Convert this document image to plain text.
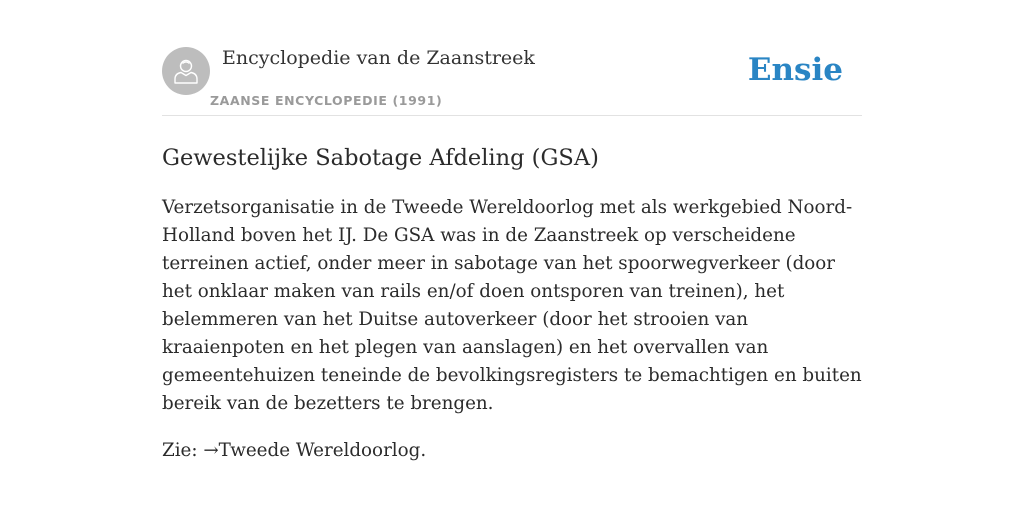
Encyclopedie van de Zaanstreek
ZAANSE ENCYCLOPEDIE (1991)
Ensie
Gewestelijke Sabotage Afdeling (GSA)

Verzetsorganisatie in de Tweede Wereldoorlog met als werkgebied Noord-Holland boven het IJ. De GSA was in de Zaanstreek op verscheidene terreinen actief, onder meer in sabotage van het spoorwegverkeer (door het onklaar maken van rails en/of doen ontsporen van treinen), het belemmeren van het Duitse autoverkeer (door het strooien van kraaienpoten en het plegen van aanslagen) en het overvallen van gemeentehuizen teneinde de bevolkingsregisters te bemachtigen en buiten bereik van de bezetters te brengen.

Zie: →Tweede Wereldoorlog.
